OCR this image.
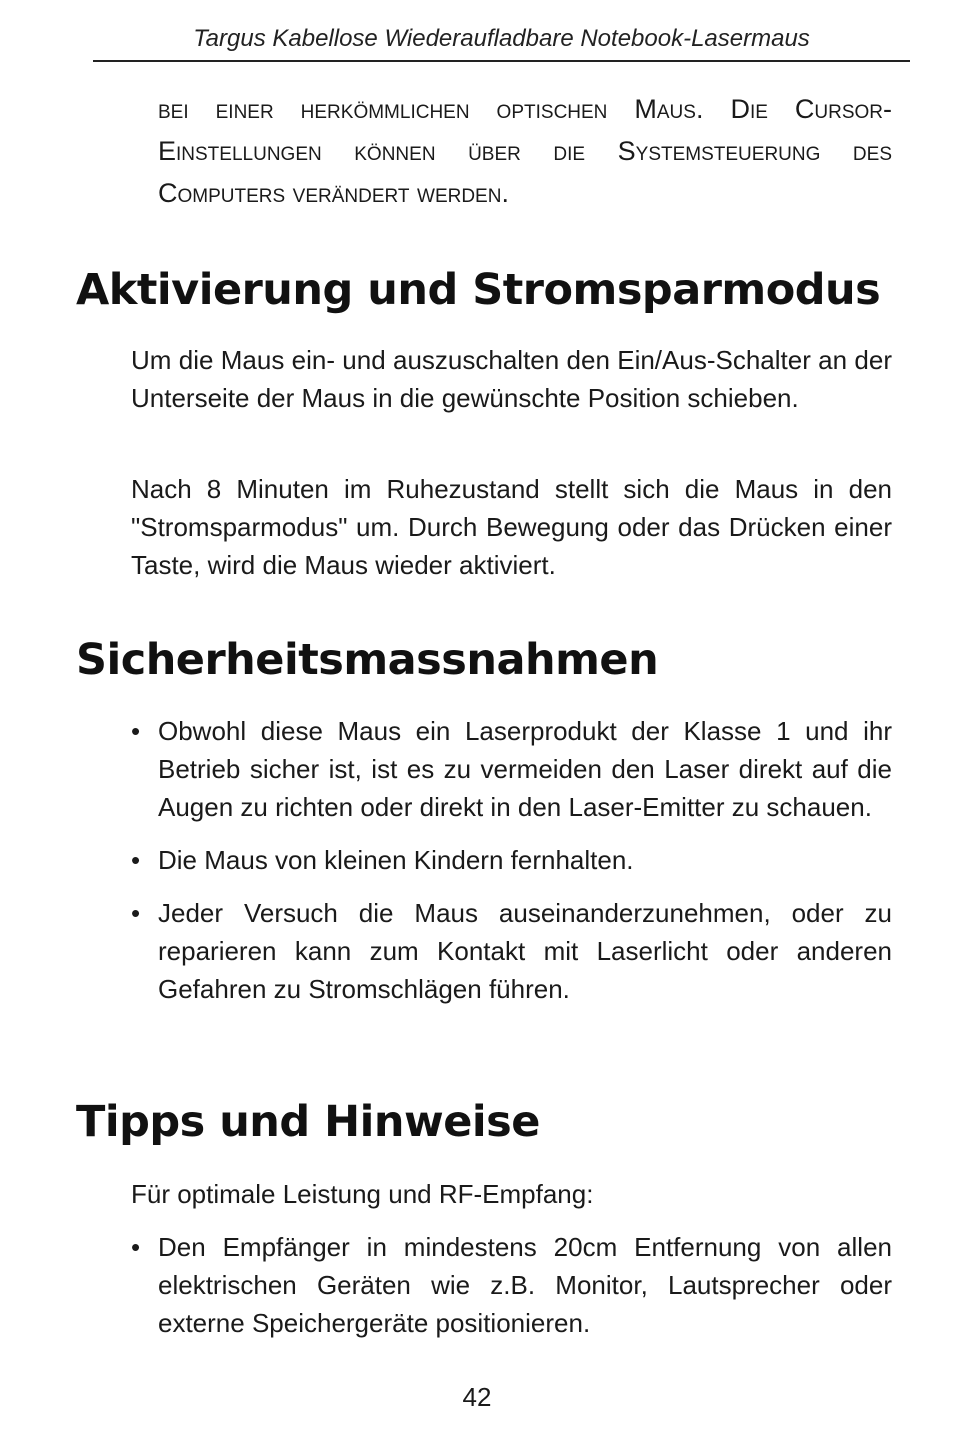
Targus Kabellose Wiederaufladbare Notebook-Lasermaus

bei einer herkömmlichen optischen Maus. Die Cursor-Einstellungen können über die Systemsteuerung des Computers verändert werden.

Aktivierung und Stromsparmodus

Um die Maus ein- und auszuschalten den Ein/Aus-Schalter an der Unterseite der Maus in die gewünschte Position schieben.

Nach 8 Minuten im Ruhezustand stellt sich die Maus in den "Stromsparmodus" um. Durch Bewegung oder das Drücken einer Taste, wird die Maus wieder aktiviert.

Sicherheitsmassnahmen
• Obwohl diese Maus ein Laserprodukt der Klasse 1 und ihr Betrieb sicher ist, ist es zu vermeiden den Laser direkt auf die Augen zu richten oder direkt in den Laser-Emitter zu schauen.
• Die Maus von kleinen Kindern fernhalten.
• Jeder Versuch die Maus auseinanderzunehmen, oder zu reparieren kann zum Kontakt mit Laserlicht oder anderen Gefahren zu Stromschlägen führen.
Tipps und Hinweise

Für optimale Leistung und RF-Empfang:

• Den Empfänger in mindestens 20cm Entfernung von allen elektrischen Geräten wie z.B. Monitor, Lautsprecher oder externe Speichergeräte positionieren.
42
